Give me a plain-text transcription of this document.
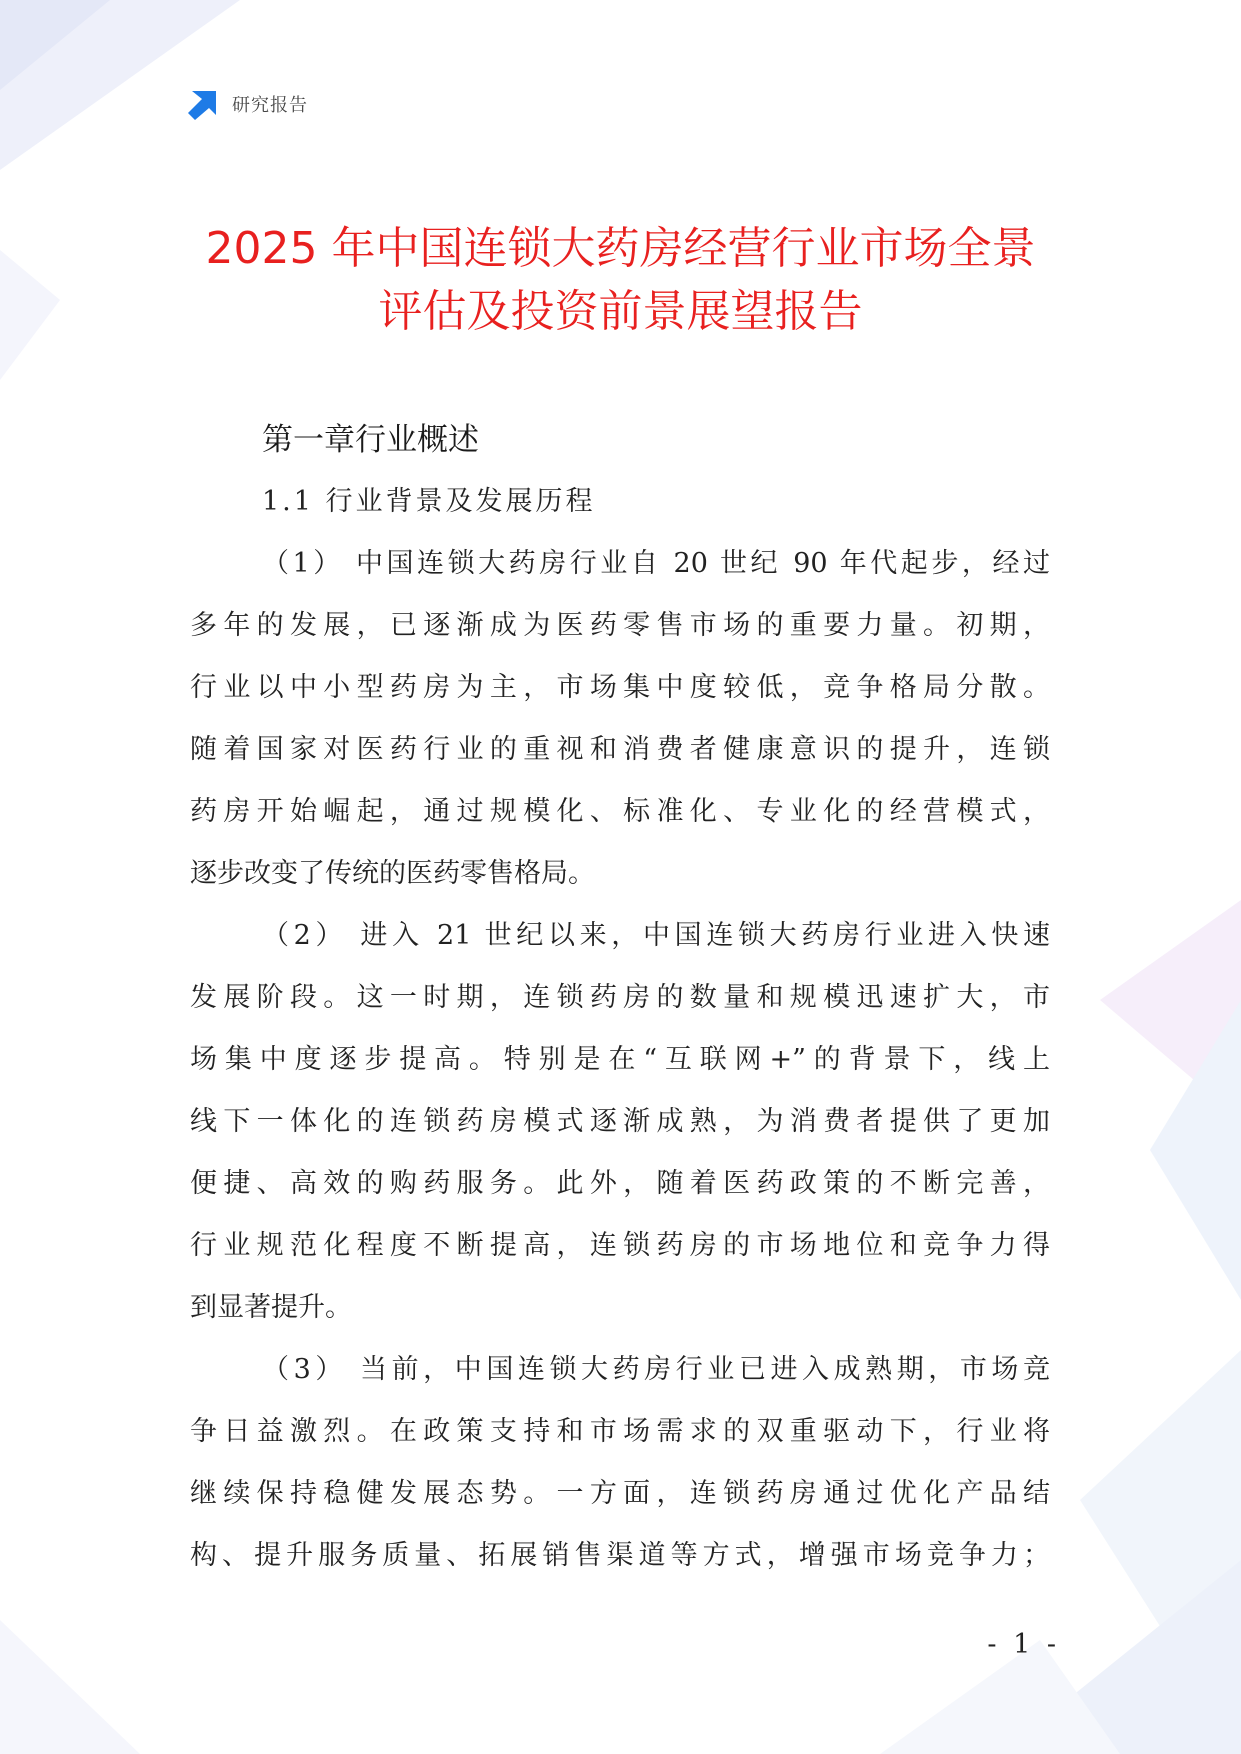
研究报告
2025 年中国连锁大药房经营行业市场全景
评估及投资前景展望报告
第一章行业概述
1.1 行业背景及发展历程
（1） 中国连锁大药房行业自 20 世纪 90 年代起步，经过
多年的发展，已逐渐成为医药零售市场的重要力量。初期，
行业以中小型药房为主，市场集中度较低，竞争格局分散。
随着国家对医药行业的重视和消费者健康意识的提升，连锁
药房开始崛起，通过规模化、标准化、专业化的经营模式，
逐步改变了传统的医药零售格局。
（2） 进入 21 世纪以来，中国连锁大药房行业进入快速
发展阶段。这一时期，连锁药房的数量和规模迅速扩大，市
场集中度逐步提高。特别是在“互联网+”的背景下，线上
线下一体化的连锁药房模式逐渐成熟，为消费者提供了更加
便捷、高效的购药服务。此外，随着医药政策的不断完善，
行业规范化程度不断提高，连锁药房的市场地位和竞争力得
到显著提升。
（3） 当前，中国连锁大药房行业已进入成熟期，市场竞
争日益激烈。在政策支持和市场需求的双重驱动下，行业将
继续保持稳健发展态势。一方面，连锁药房通过优化产品结
构、提升服务质量、拓展销售渠道等方式，增强市场竞争力；
- 1 -
